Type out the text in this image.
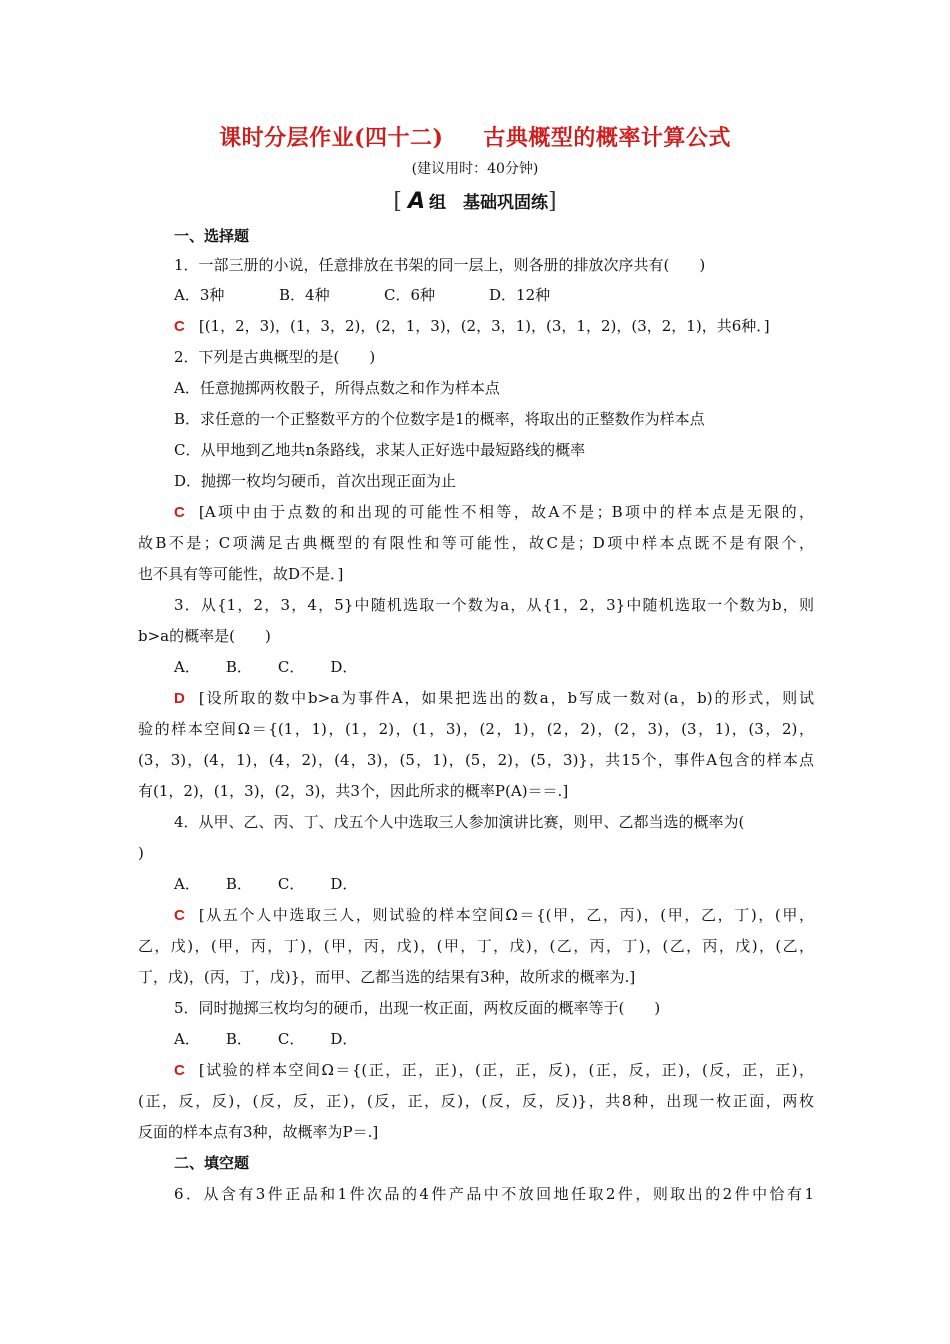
课时分层作业(四十二) 古典概型的概率计算公式
(建议用时：40分钟)
[ A 组　基础巩固练]
一、选择题
1．一部三册的小说，任意排放在书架的同一层上，则各册的排放次序共有(　　)
A．3种	B．4种	C．6种	D．12种
C [(1，2，3)，(1，3，2)，(2，1，3)，(2，3，1)，(3，1，2)，(3，2，1)，共6种．]
2．下列是古典概型的是(　　)
A．任意抛掷两枚骰子，所得点数之和作为样本点
B．求任意的一个正整数平方的个位数字是1的概率，将取出的正整数作为样本点
C．从甲地到乙地共n条路线，求某人正好选中最短路线的概率
D．抛掷一枚均匀硬币，首次出现正面为止
C [A项中由于点数的和出现的可能性不相等，故A不是；B项中的样本点是无限的，
故B不是；C项满足古典概型的有限性和等可能性，故C是；D项中样本点既不是有限个，
也不具有等可能性，故D不是．]
3．从{1，2，3，4，5}中随机选取一个数为a，从{1，2，3}中随机选取一个数为b，则
b>a的概率是(　　)
A． B． C． D．
D [设所取的数中b>a为事件A，如果把选出的数a，b写成一数对(a，b)的形式，则试
验的样本空间Ω＝{(1，1)，(1，2)，(1，3)，(2，1)，(2，2)，(2，3)，(3，1)，(3，2)，
(3，3)，(4，1)，(4，2)，(4，3)，(5，1)，(5，2)，(5，3)}，共15个，事件A包含的样本点
有(1，2)，(1，3)，(2，3)，共3个，因此所求的概率P(A)＝＝.]
4．从甲、乙、丙、丁、戊五个人中选取三人参加演讲比赛，则甲、乙都当选的概率为(
)
A． B． C． D．
C [从五个人中选取三人，则试验的样本空间Ω＝{(甲，乙，丙)，(甲，乙，丁)，(甲，
乙，戊)，(甲，丙，丁)，(甲，丙，戊)，(甲，丁，戊)，(乙，丙，丁)，(乙，丙，戊)，(乙，
丁，戊)，(丙，丁，戊)}，而甲、乙都当选的结果有3种，故所求的概率为.]
5．同时抛掷三枚均匀的硬币，出现一枚正面，两枚反面的概率等于(　　)
A． B． C． D．
C [试验的样本空间Ω＝{(正，正，正)，(正，正，反)，(正，反，正)，(反，正，正)，
(正，反，反)，(反，反，正)，(反，正，反)，(反，反，反)}，共8种，出现一枚正面，两枚
反面的样本点有3种，故概率为P＝.]
二、填空题
6．从含有3件正品和1件次品的4件产品中不放回地任取2件，则取出的2件中恰有1
